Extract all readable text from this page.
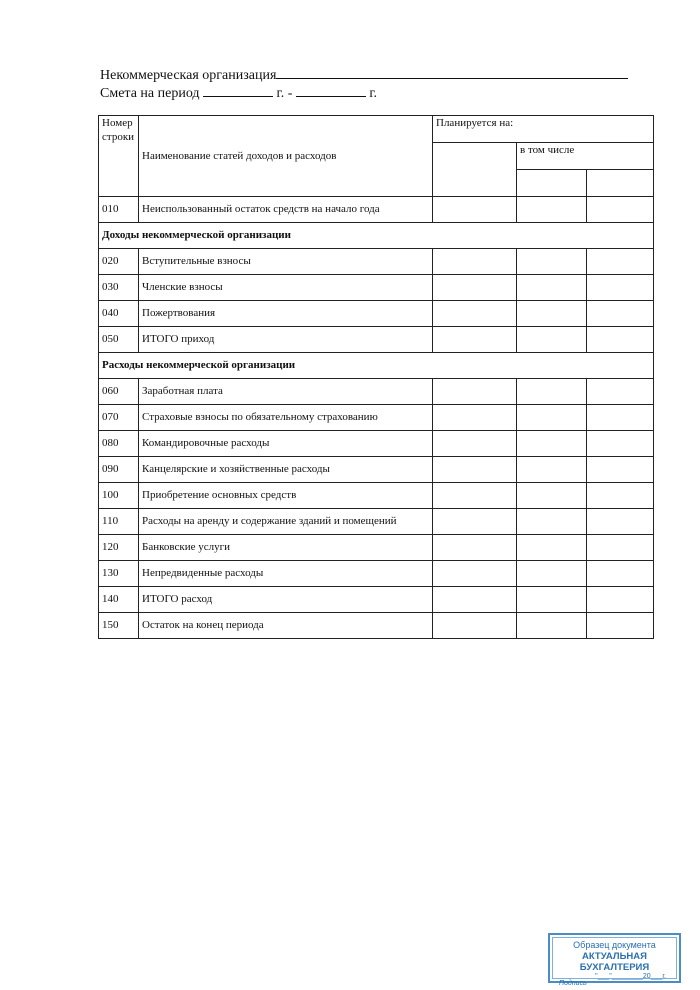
Некоммерческая организация
Смета на период	г. -	г.
Номер строки	Наименование статей доходов и расходов	Планируется на:		
			в том числе	

010	Неиспользованный остаток средств на начало года			
Доходы некоммерческой организации				
020	Вступительные взносы			
030	Членские взносы			
040	Пожертвования			
050	ИТОГО приход			
Расходы некоммерческой организации				
060	Заработная плата			
070	Страховые взносы по обязательному страхованию			
080	Командировочные расходы			
090	Канцелярские и хозяйственные расходы			
100	Приобретение основных средств			
110	Расходы на аренду и содержание зданий и помещений			
120	Банковские услуги			
130	Непредвиденные расходы			
140	ИТОГО расход			
150	Остаток на конец периода			
Образец документа
АКТУАЛЬНАЯ БУХГАЛТЕРИЯ
"___"________20___г.
Подпись
